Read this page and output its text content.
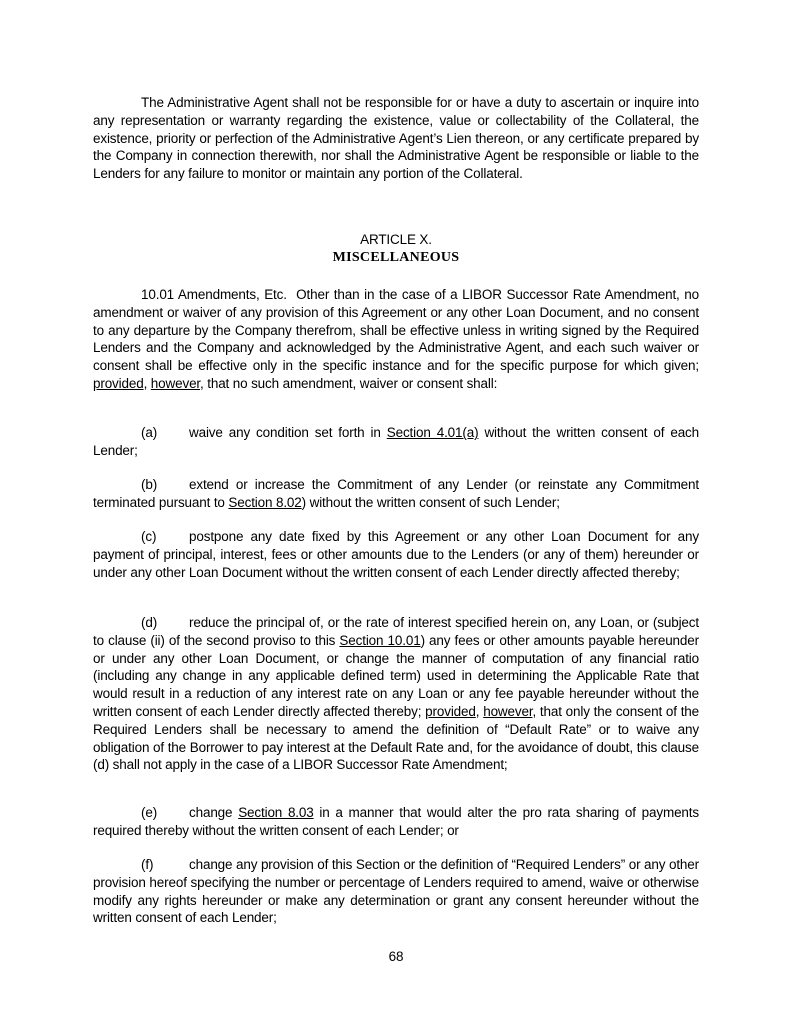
The Administrative Agent shall not be responsible for or have a duty to ascertain or inquire into any representation or warranty regarding the existence, value or collectability of the Collateral, the existence, priority or perfection of the Administrative Agent’s Lien thereon, or any certificate prepared by the Company in connection therewith, nor shall the Administrative Agent be responsible or liable to the Lenders for any failure to monitor or maintain any portion of the Collateral.

ARTICLE X.

MISCELLANEOUS

10.01 Amendments, Etc. Other than in the case of a LIBOR Successor Rate Amendment, no amendment or waiver of any provision of this Agreement or any other Loan Document, and no consent to any departure by the Company therefrom, shall be effective unless in writing signed by the Required Lenders and the Company and acknowledged by the Administrative Agent, and each such waiver or consent shall be effective only in the specific instance and for the specific purpose for which given; provided, however, that no such amendment, waiver or consent shall:

(a) waive any condition set forth in Section 4.01(a) without the written consent of each Lender;

(b) extend or increase the Commitment of any Lender (or reinstate any Commitment terminated pursuant to Section 8.02) without the written consent of such Lender;

(c) postpone any date fixed by this Agreement or any other Loan Document for any payment of principal, interest, fees or other amounts due to the Lenders (or any of them) hereunder or under any other Loan Document without the written consent of each Lender directly affected thereby;

(d) reduce the principal of, or the rate of interest specified herein on, any Loan, or (subject to clause (ii) of the second proviso to this Section 10.01) any fees or other amounts payable hereunder or under any other Loan Document, or change the manner of computation of any financial ratio (including any change in any applicable defined term) used in determining the Applicable Rate that would result in a reduction of any interest rate on any Loan or any fee payable hereunder without the written consent of each Lender directly affected thereby; provided, however, that only the consent of the Required Lenders shall be necessary to amend the definition of “Default Rate” or to waive any obligation of the Borrower to pay interest at the Default Rate and, for the avoidance of doubt, this clause (d) shall not apply in the case of a LIBOR Successor Rate Amendment;

(e) change Section 8.03 in a manner that would alter the pro rata sharing of payments required thereby without the written consent of each Lender; or

(f)	change any provision of this Section or the definition of “Required Lenders” or any other provision hereof specifying the number or percentage of Lenders required to amend, waive or otherwise modify any rights hereunder or make any determination or grant any consent hereunder without the written consent of each Lender;

68
